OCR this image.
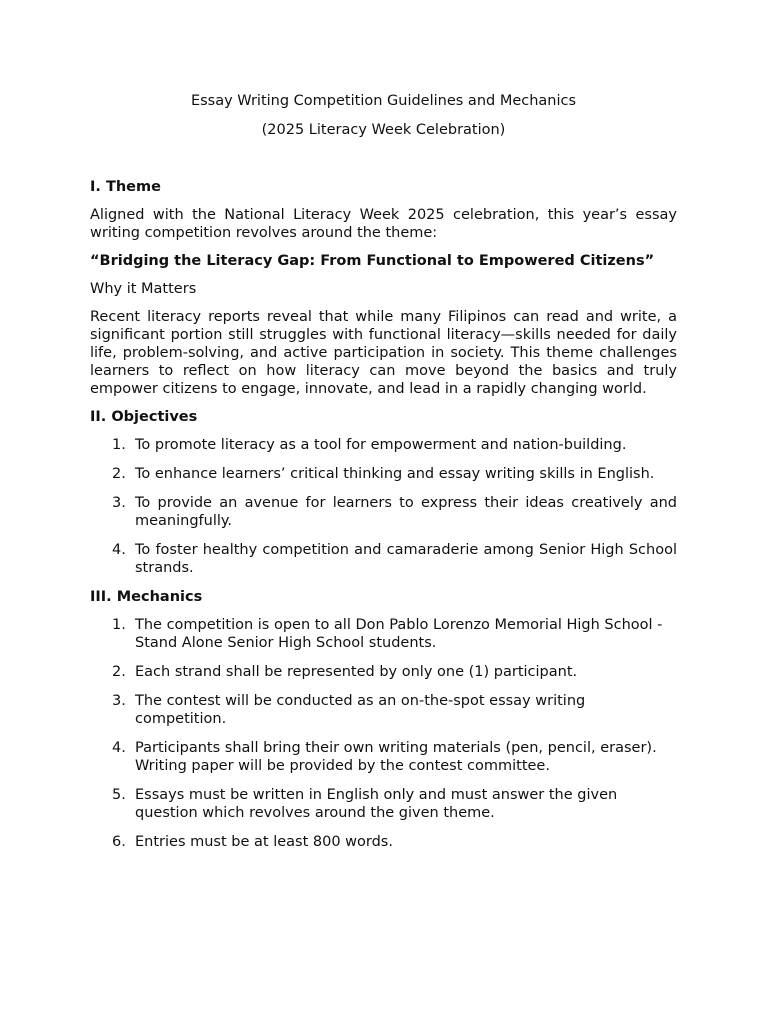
Essay Writing Competition Guidelines and Mechanics

(2025 Literacy Week Celebration)

I. Theme

Aligned with the National Literacy Week 2025 celebration, this year’s essay writing competition revolves around the theme:

“Bridging the Literacy Gap: From Functional to Empowered Citizens”

Why it Matters

Recent literacy reports reveal that while many Filipinos can read and write, a significant portion still struggles with functional literacy—skills needed for daily life, problem-solving, and active participation in society. This theme challenges learners to reflect on how literacy can move beyond the basics and truly empower citizens to engage, innovate, and lead in a rapidly changing world.

II. Objectives

1. To promote literacy as a tool for empowerment and nation-building.
2. To enhance learners’ critical thinking and essay writing skills in English.
3. To provide an avenue for learners to express their ideas creatively and meaningfully.
4. To foster healthy competition and camaraderie among Senior High School strands.

III. Mechanics

1. The competition is open to all Don Pablo Lorenzo Memorial High School - Stand Alone Senior High School students.
2. Each strand shall be represented by only one (1) participant.
3. The contest will be conducted as an on-the-spot essay writing competition.
4. Participants shall bring their own writing materials (pen, pencil, eraser). Writing paper will be provided by the contest committee.
5. Essays must be written in English only and must answer the given question which revolves around the given theme.
6. Entries must be at least 800 words.
